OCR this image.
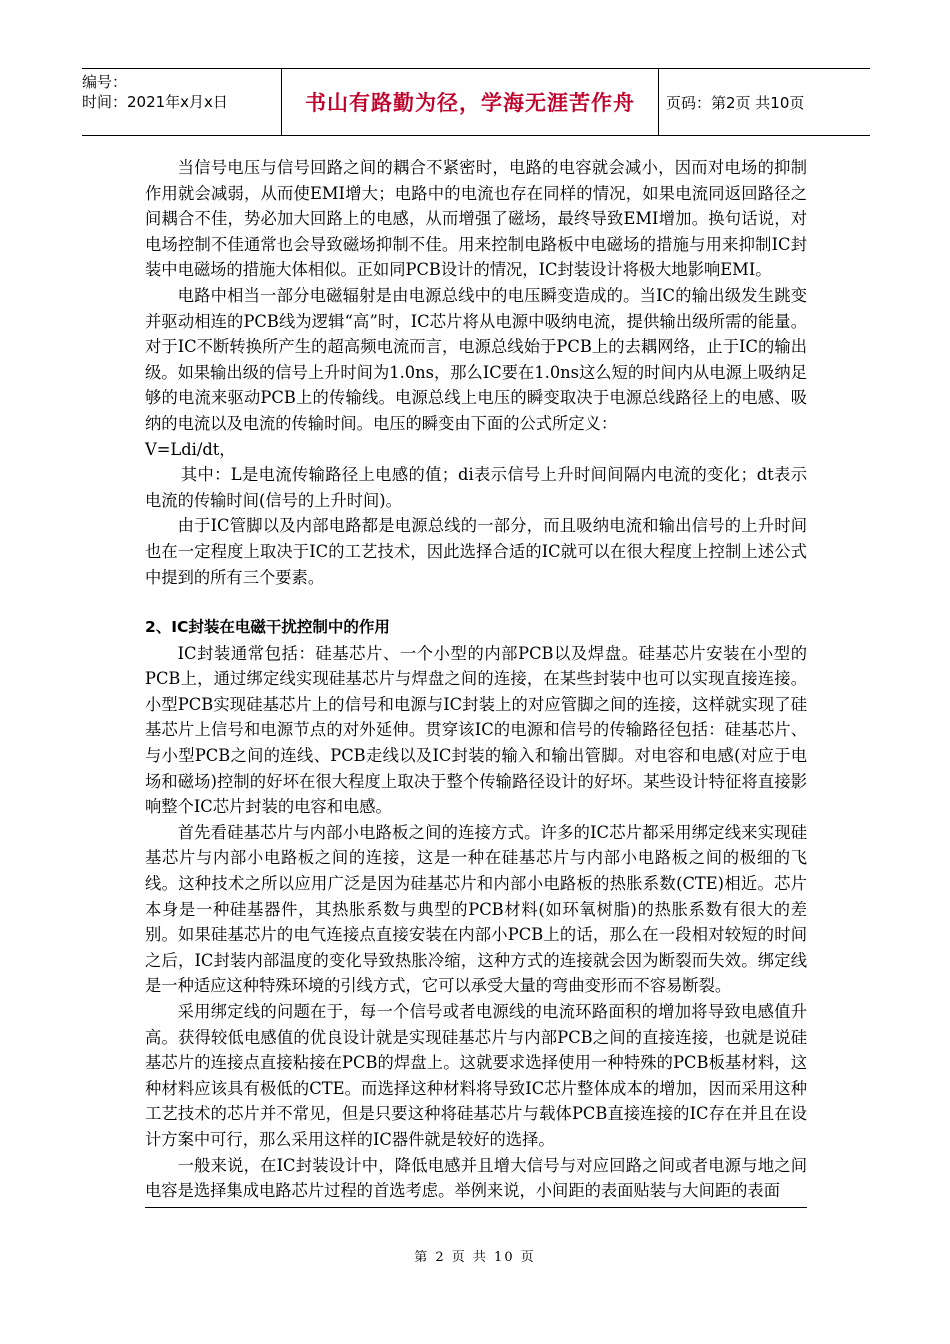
编号：
时间：2021年x月x日	书山有路勤为径，学海无涯苦作舟	页码：第2页 共10页

当信号电压与信号回路之间的耦合不紧密时，电路的电容就会减小，因而对电场的抑制作用就会减弱，从而使EMI增大；电路中的电流也存在同样的情况，如果电流同返回路径之间耦合不佳，势必加大回路上的电感，从而增强了磁场，最终导致EMI增加。换句话说，对电场控制不佳通常也会导致磁场抑制不佳。用来控制电路板中电磁场的措施与用来抑制IC封装中电磁场的措施大体相似。正如同PCB设计的情况，IC封装设计将极大地影响EMI。

电路中相当一部分电磁辐射是由电源总线中的电压瞬变造成的。当IC的输出级发生跳变并驱动相连的PCB线为逻辑“高”时，IC芯片将从电源中吸纳电流，提供输出级所需的能量。对于IC不断转换所产生的超高频电流而言，电源总线始于PCB上的去耦网络，止于IC的输出级。如果输出级的信号上升时间为1.0ns，那么IC要在1.0ns这么短的时间内从电源上吸纳足够的电流来驱动PCB上的传输线。电源总线上电压的瞬变取决于电源总线路径上的电感、吸纳的电流以及电流的传输时间。电压的瞬变由下面的公式所定义：

V=Ldi/dt，

其中：L是电流传输路径上电感的值；di表示信号上升时间间隔内电流的变化；dt表示电流的传输时间(信号的上升时间)。

由于IC管脚以及内部电路都是电源总线的一部分，而且吸纳电流和输出信号的上升时间也在一定程度上取决于IC的工艺技术，因此选择合适的IC就可以在很大程度上控制上述公式中提到的所有三个要素。

2、IC封装在电磁干扰控制中的作用

IC封装通常包括：硅基芯片、一个小型的内部PCB以及焊盘。硅基芯片安装在小型的PCB上，通过绑定线实现硅基芯片与焊盘之间的连接，在某些封装中也可以实现直接连接。小型PCB实现硅基芯片上的信号和电源与IC封装上的对应管脚之间的连接，这样就实现了硅基芯片上信号和电源节点的对外延伸。贯穿该IC的电源和信号的传输路径包括：硅基芯片、与小型PCB之间的连线、PCB走线以及IC封装的输入和输出管脚。对电容和电感(对应于电场和磁场)控制的好坏在很大程度上取决于整个传输路径设计的好坏。某些设计特征将直接影响整个IC芯片封装的电容和电感。

首先看硅基芯片与内部小电路板之间的连接方式。许多的IC芯片都采用绑定线来实现硅基芯片与内部小电路板之间的连接，这是一种在硅基芯片与内部小电路板之间的极细的飞线。这种技术之所以应用广泛是因为硅基芯片和内部小电路板的热胀系数(CTE)相近。芯片本身是一种硅基器件，其热胀系数与典型的PCB材料(如环氧树脂)的热胀系数有很大的差别。如果硅基芯片的电气连接点直接安装在内部小PCB上的话，那么在一段相对较短的时间之后，IC封装内部温度的变化导致热胀冷缩，这种方式的连接就会因为断裂而失效。绑定线是一种适应这种特殊环境的引线方式，它可以承受大量的弯曲变形而不容易断裂。

采用绑定线的问题在于，每一个信号或者电源线的电流环路面积的增加将导致电感值升高。获得较低电感值的优良设计就是实现硅基芯片与内部PCB之间的直接连接，也就是说硅基芯片的连接点直接粘接在PCB的焊盘上。这就要求选择使用一种特殊的PCB板基材料，这种材料应该具有极低的CTE。而选择这种材料将导致IC芯片整体成本的增加，因而采用这种工艺技术的芯片并不常见，但是只要这种将硅基芯片与载体PCB直接连接的IC存在并且在设计方案中可行，那么采用这样的IC器件就是较好的选择。

一般来说，在IC封装设计中，降低电感并且增大信号与对应回路之间或者电源与地之间电容是选择集成电路芯片过程的首选考虑。举例来说，小间距的表面贴装与大间距的表面

第 2 页 共 10 页
